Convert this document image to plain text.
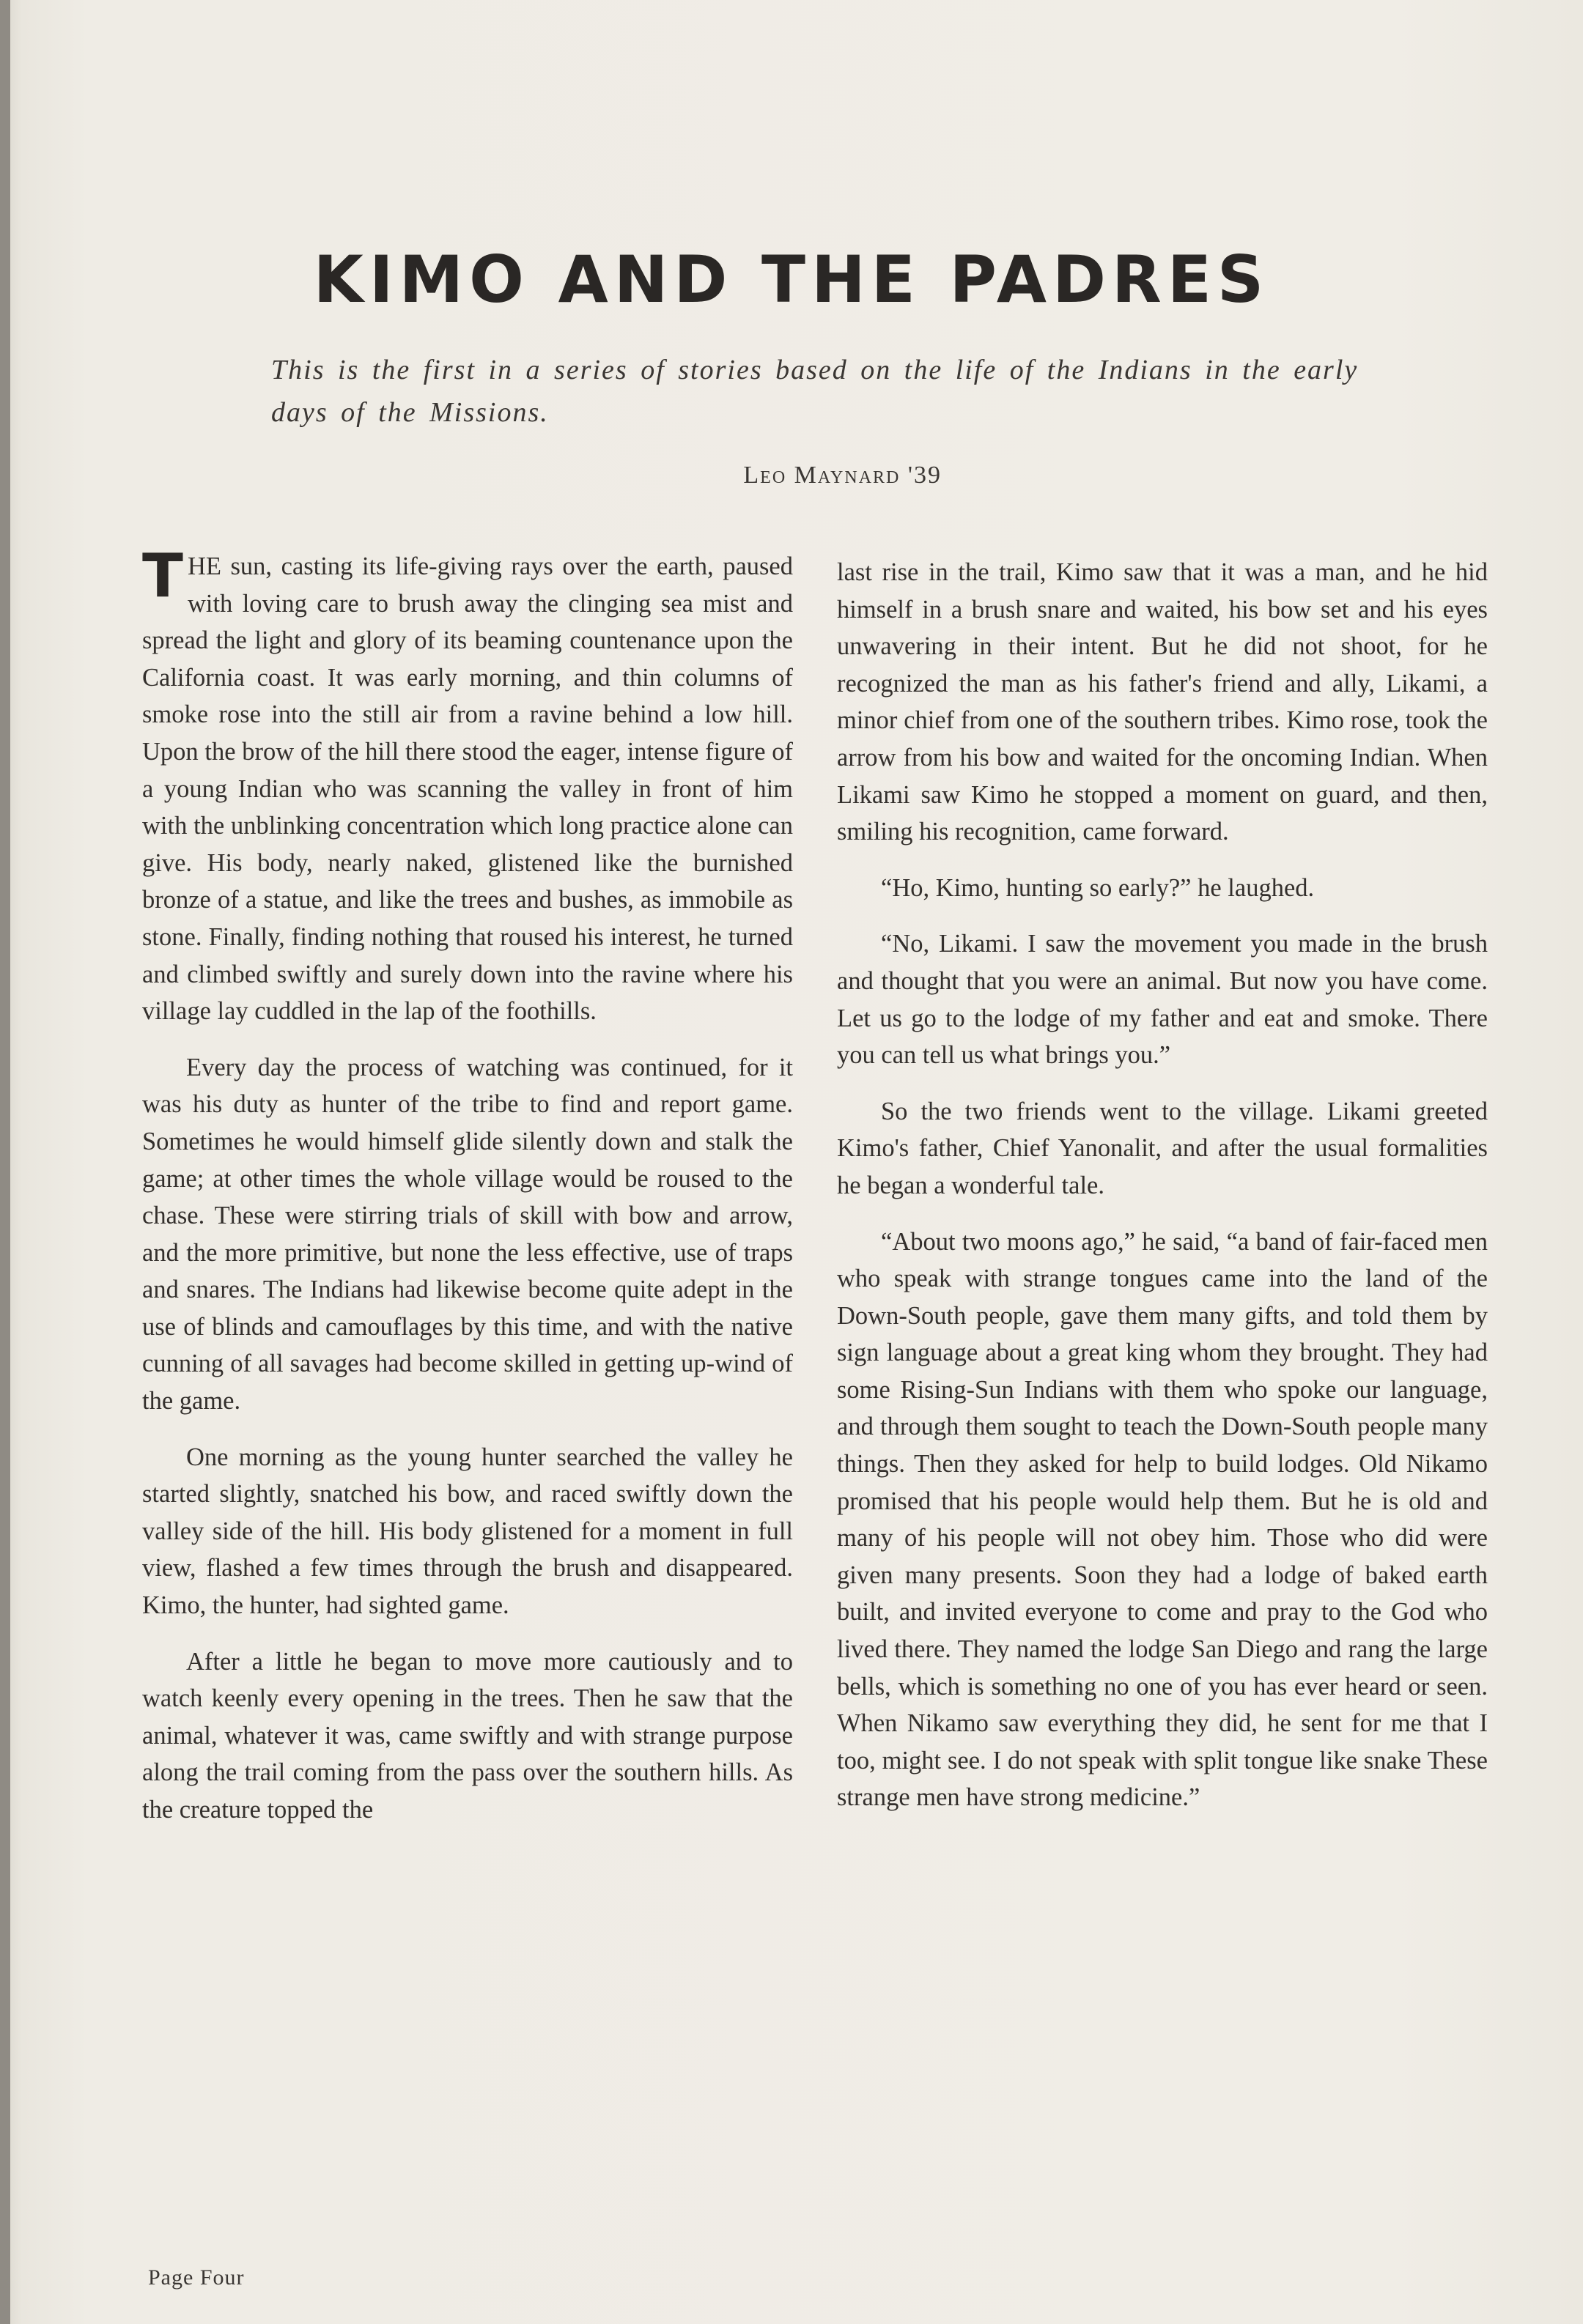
KIMO AND THE PADRES

This is the first in a series of stories based on the life of the Indians in the early days of the Missions.

Leo Maynard '39

THE sun, casting its life-giving rays over the earth, paused with loving care to brush away the clinging sea mist and spread the light and glory of its beaming countenance upon the California coast. It was early morning, and thin columns of smoke rose into the still air from a ravine behind a low hill. Upon the brow of the hill there stood the eager, intense figure of a young Indian who was scanning the valley in front of him with the unblinking concentration which long practice alone can give. His body, nearly naked, glistened like the burnished bronze of a statue, and like the trees and bushes, as immobile as stone. Finally, finding nothing that roused his interest, he turned and climbed swiftly and surely down into the ravine where his village lay cuddled in the lap of the foothills.

Every day the process of watching was continued, for it was his duty as hunter of the tribe to find and report game. Sometimes he would himself glide silently down and stalk the game; at other times the whole village would be roused to the chase. These were stirring trials of skill with bow and arrow, and the more primitive, but none the less effective, use of traps and snares. The Indians had likewise become quite adept in the use of blinds and camouflages by this time, and with the native cunning of all savages had become skilled in getting up-wind of the game.

One morning as the young hunter searched the valley he started slightly, snatched his bow, and raced swiftly down the valley side of the hill. His body glistened for a moment in full view, flashed a few times through the brush and disappeared. Kimo, the hunter, had sighted game.

After a little he began to move more cautiously and to watch keenly every opening in the trees. Then he saw that the animal, whatever it was, came swiftly and with strange purpose along the trail coming from the pass over the southern hills. As the creature topped the

last rise in the trail, Kimo saw that it was a man, and he hid himself in a brush snare and waited, his bow set and his eyes unwavering in their intent. But he did not shoot, for he recognized the man as his father's friend and ally, Likami, a minor chief from one of the southern tribes. Kimo rose, took the arrow from his bow and waited for the oncoming Indian. When Likami saw Kimo he stopped a moment on guard, and then, smiling his recognition, came forward.

“Ho, Kimo, hunting so early?” he laughed.

“No, Likami. I saw the movement you made in the brush and thought that you were an animal. But now you have come. Let us go to the lodge of my father and eat and smoke. There you can tell us what brings you.”

So the two friends went to the village. Likami greeted Kimo's father, Chief Yanonalit, and after the usual formalities he began a wonderful tale.

“About two moons ago,” he said, “a band of fair-faced men who speak with strange tongues came into the land of the Down-South people, gave them many gifts, and told them by sign language about a great king whom they brought. They had some Rising-Sun Indians with them who spoke our language, and through them sought to teach the Down-South people many things. Then they asked for help to build lodges. Old Nikamo promised that his people would help them. But he is old and many of his people will not obey him. Those who did were given many presents. Soon they had a lodge of baked earth built, and invited everyone to come and pray to the God who lived there. They named the lodge San Diego and rang the large bells, which is something no one of you has ever heard or seen. When Nikamo saw everything they did, he sent for me that I too, might see. I do not speak with split tongue like snake These strange men have strong medicine.”

Page Four
